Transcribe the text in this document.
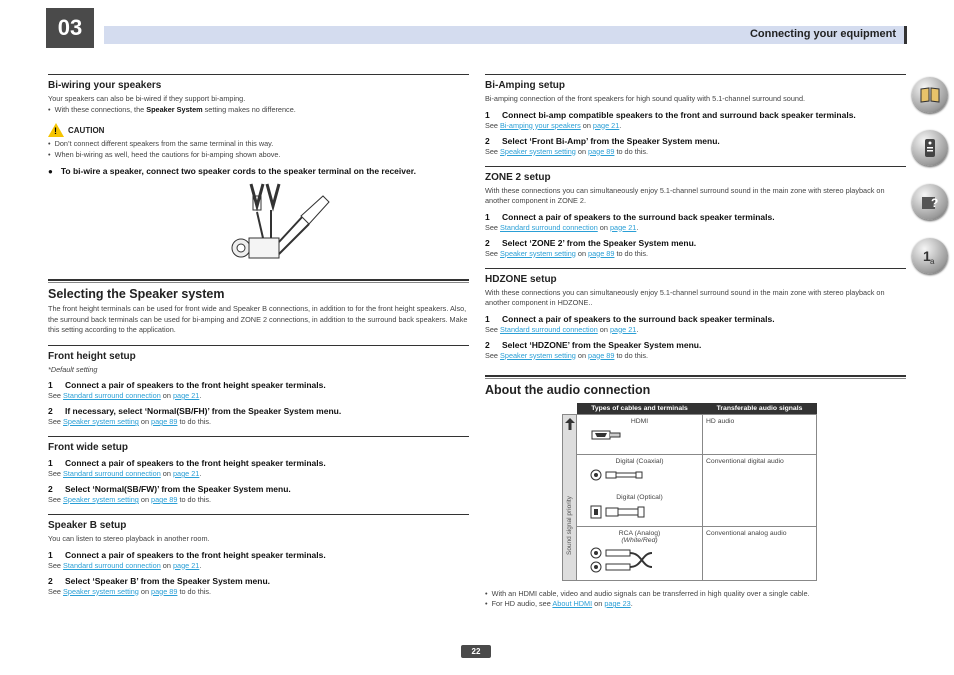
03	Connecting your equipment
Bi-wiring your speakers

Your speakers can also be bi-wired if they support bi-amping.

• With these connections, the Speaker System setting makes no difference.
!
CAUTION
• Don’t connect different speakers from the same terminal in this way.
• When bi-wiring as well, heed the cautions for bi-amping shown above.
● To bi-wire a speaker, connect two speaker cords to the speaker terminal on the receiver.
Selecting the Speaker system

The front height terminals can be used for front wide and Speaker B connections, in addition to for the front height speakers. Also, the surround back terminals can be used for bi-amping and ZONE 2 connections, in addition to the surround back speakers. Make this setting according to the application.

Front height setup

*Default setting

1 Connect a pair of speakers to the front height speaker terminals.
See Standard surround connection on page 21.
2 If necessary, select ‘Normal(SB/FH)’ from the Speaker System menu.
See Speaker system setting on page 89 to do this.
Front wide setup
1 Connect a pair of speakers to the front height speaker terminals.
See Standard surround connection on page 21.
2 Select ‘Normal(SB/FW)’ from the Speaker System menu.
See Speaker system setting on page 89 to do this.
Speaker B setup

You can listen to stereo playback in another room.

1 Connect a pair of speakers to the front height speaker terminals.
See Standard surround connection on page 21.
2 Select ‘Speaker B’ from the Speaker System menu.
See Speaker system setting on page 89 to do this.
Bi-Amping setup

Bi-amping connection of the front speakers for high sound quality with 5.1-channel surround sound.

1 Connect bi-amp compatible speakers to the front and surround back speaker terminals.
See Bi-amping your speakers on page 21.
2 Select ‘Front Bi-Amp’ from the Speaker System menu.
See Speaker system setting on page 89 to do this.
ZONE 2 setup

With these connections you can simultaneously enjoy 5.1-channel surround sound in the main zone with stereo playback on another component in ZONE 2.

1 Connect a pair of speakers to the surround back speaker terminals.
See Standard surround connection on page 21.
2 Select ‘ZONE 2’ from the Speaker System menu.
See Speaker system setting on page 89 to do this.
HDZONE setup

With these connections you can simultaneously enjoy 5.1-channel surround sound in the main zone with stereo playback on another component in HDZONE..

1 Connect a pair of speakers to the surround back speaker terminals.
See Standard surround connection on page 21.
2 Select ‘HDZONE’ from the Speaker System menu.
See Speaker system setting on page 89 to do this.
About the audio connection
	Types of cables and terminals	Transferable audio signals

Sound signal priority	HDMI	HD audio

	Digital (Coaxial)
Digital (Optical)	Conventional digital audio

	RCA (Analog)
(White/Red)	Conventional analog audio
• With an HDMI cable, video and audio signals can be transferred in high quality over a single cable.
• For HD audio, see About HDMI on page 23.
?
1 a
22
